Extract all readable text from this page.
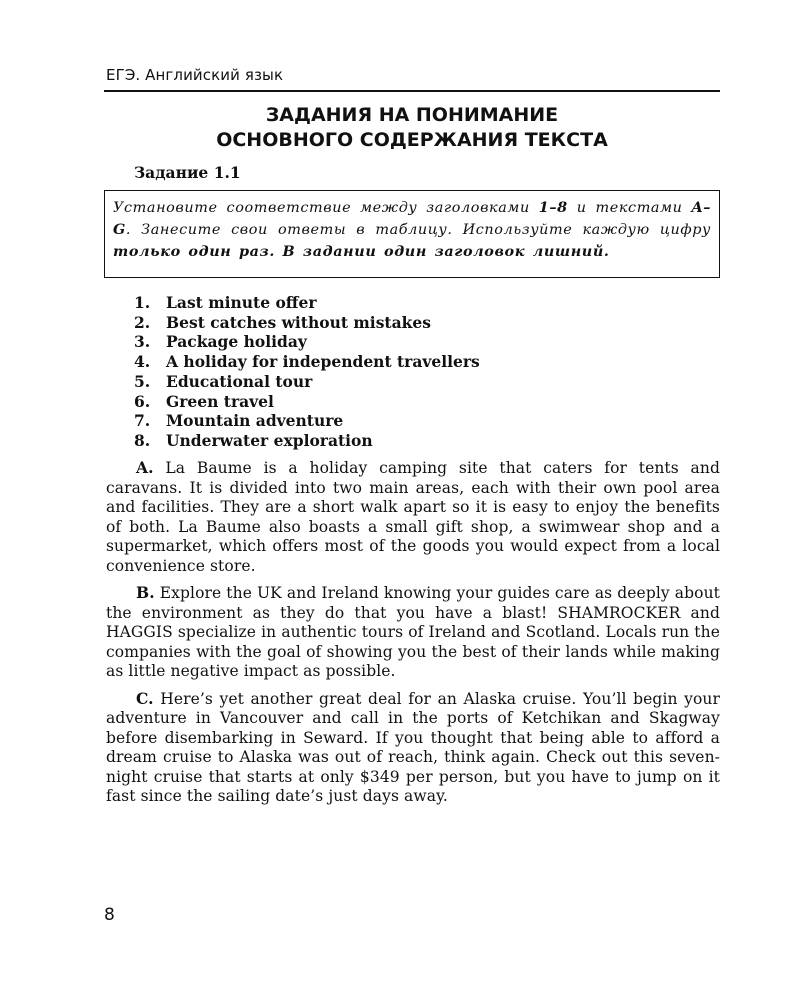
ЕГЭ. Английский язык
ЗАДАНИЯ НА ПОНИМАНИЕ
ОСНОВНОГО СОДЕРЖАНИЯ ТЕКСТА
Задание 1.1

Установите соответствие между заголовками 1–8 и текстами A–G. Занесите свои ответы в таблицу. Используйте каждую цифру только один раз. В задании один заголовок лишний.

1. Last minute offer
2. Best catches without mistakes
3. Package holiday
4. A holiday for independent travellers
5. Educational tour
6. Green travel
7. Mountain adventure
8. Underwater exploration

A. La Baume is a holiday camping site that caters for tents and caravans. It is divided into two main areas, each with their own pool area and facilities. They are a short walk apart so it is easy to enjoy the benefits of both. La Baume also boasts a small gift shop, a swimwear shop and a supermarket, which offers most of the goods you would expect from a local convenience store.

B. Explore the UK and Ireland knowing your guides care as deeply about the environment as they do that you have a blast! SHAMROCKER and HAGGIS specialize in authentic tours of Ireland and Scotland. Locals run the companies with the goal of showing you the best of their lands while making as little negative impact as possible.

C. Here’s yet another great deal for an Alaska cruise. You’ll begin your adventure in Vancouver and call in the ports of Ketchikan and Skagway before disembarking in Seward. If you thought that being able to afford a dream cruise to Alaska was out of reach, think again. Check out this seven-night cruise that starts at only $349 per person, but you have to jump on it fast since the sailing date’s just days away.

8
